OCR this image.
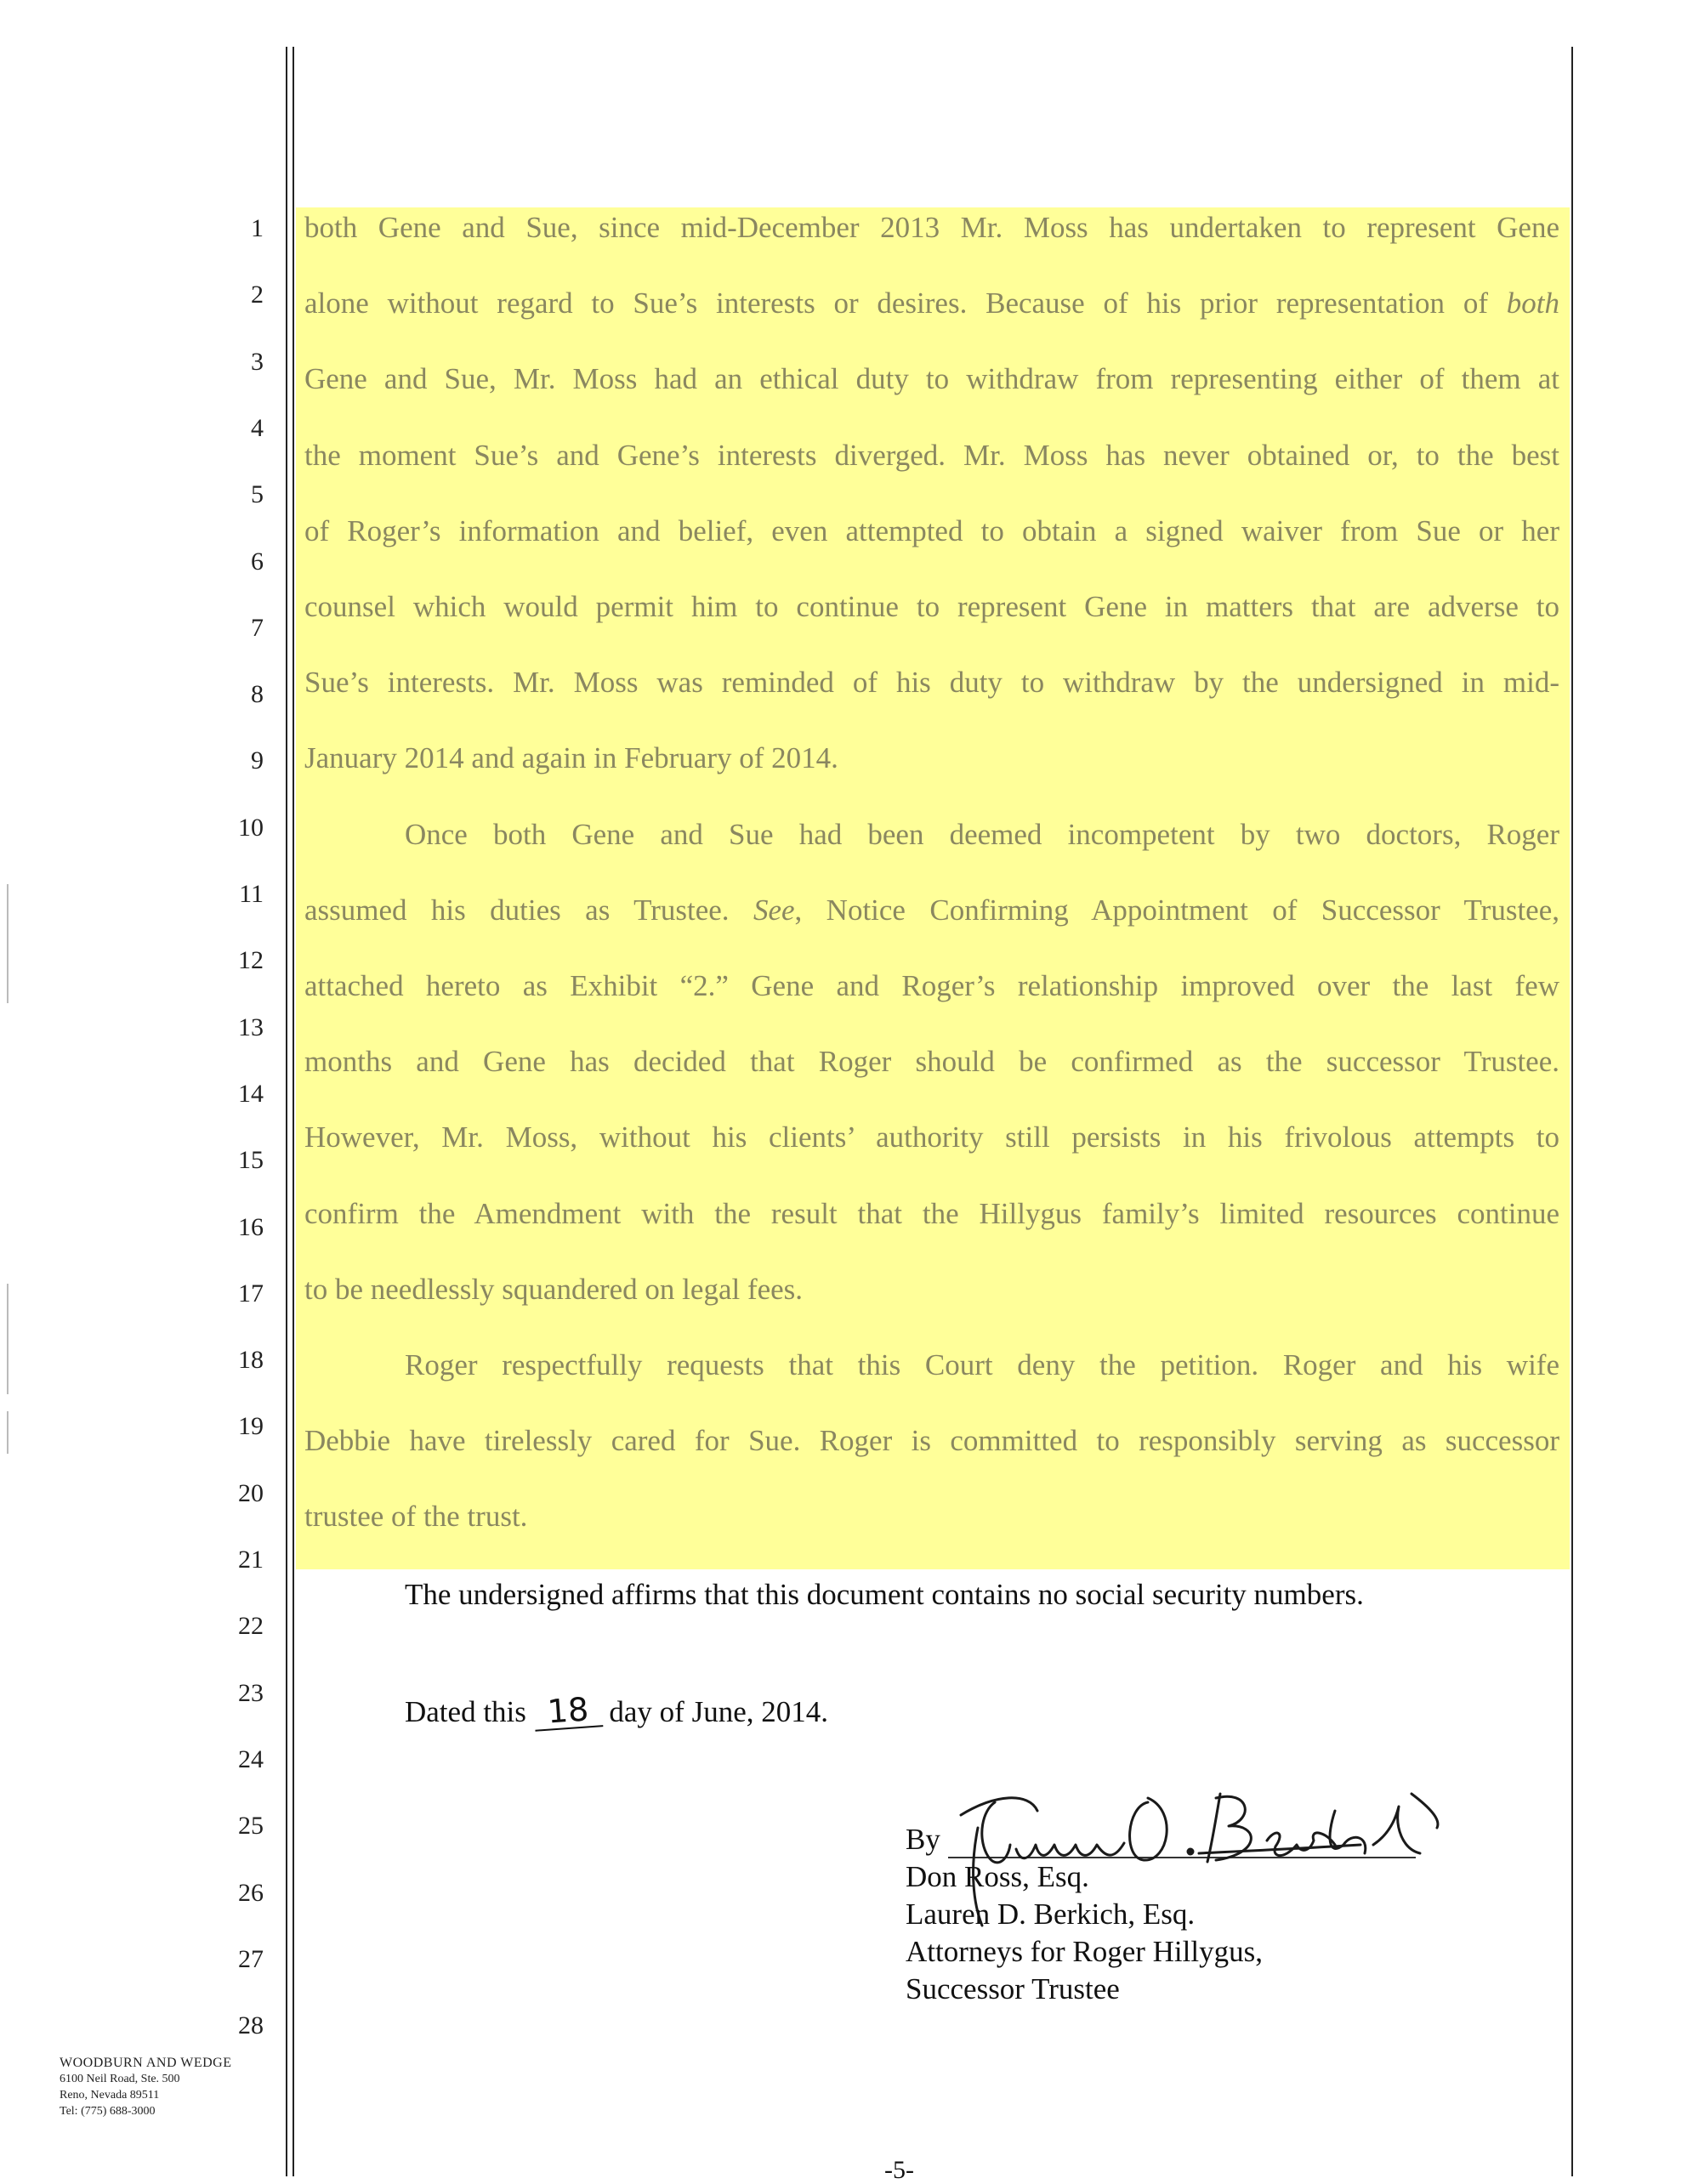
1
2
3
4
5
6
7
8
9
10
11
12
13
14
15
16
17
18
19
20
21
22
23
24
25
26
27
28
both Gene and Sue, since mid-December 2013 Mr. Moss has undertaken to represent Gene
alone without regard to Sue’s interests or desires. Because of his prior representation of both
Gene and Sue, Mr. Moss had an ethical duty to withdraw from representing either of them at
the moment Sue’s and Gene’s interests diverged. Mr. Moss has never obtained or, to the best
of Roger’s information and belief, even attempted to obtain a signed waiver from Sue or her
counsel which would permit him to continue to represent Gene in matters that are adverse to
Sue’s interests. Mr. Moss was reminded of his duty to withdraw by the undersigned in mid-
January 2014 and again in February of 2014.
Once both Gene and Sue had been deemed incompetent by two doctors, Roger
assumed his duties as Trustee. See, Notice Confirming Appointment of Successor Trustee,
attached hereto as Exhibit “2.” Gene and Roger’s relationship improved over the last few
months and Gene has decided that Roger should be confirmed as the successor Trustee.
However, Mr. Moss, without his clients’ authority still persists in his frivolous attempts to
confirm the Amendment with the result that the Hillygus family’s limited resources continue
to be needlessly squandered on legal fees.
Roger respectfully requests that this Court deny the petition. Roger and his wife
Debbie have tirelessly cared for Sue. Roger is committed to responsibly serving as successor
trustee of the trust.
The undersigned affirms that this document contains no social security numbers.
Dated this 18 day of June, 2014.
By
Don Ross, Esq.
Lauren D. Berkich, Esq.
Attorneys for Roger Hillygus,
Successor Trustee
WOODBURN AND WEDGE
6100 Neil Road, Ste. 500
Reno, Nevada 89511
Tel: (775) 688-3000
-5-
